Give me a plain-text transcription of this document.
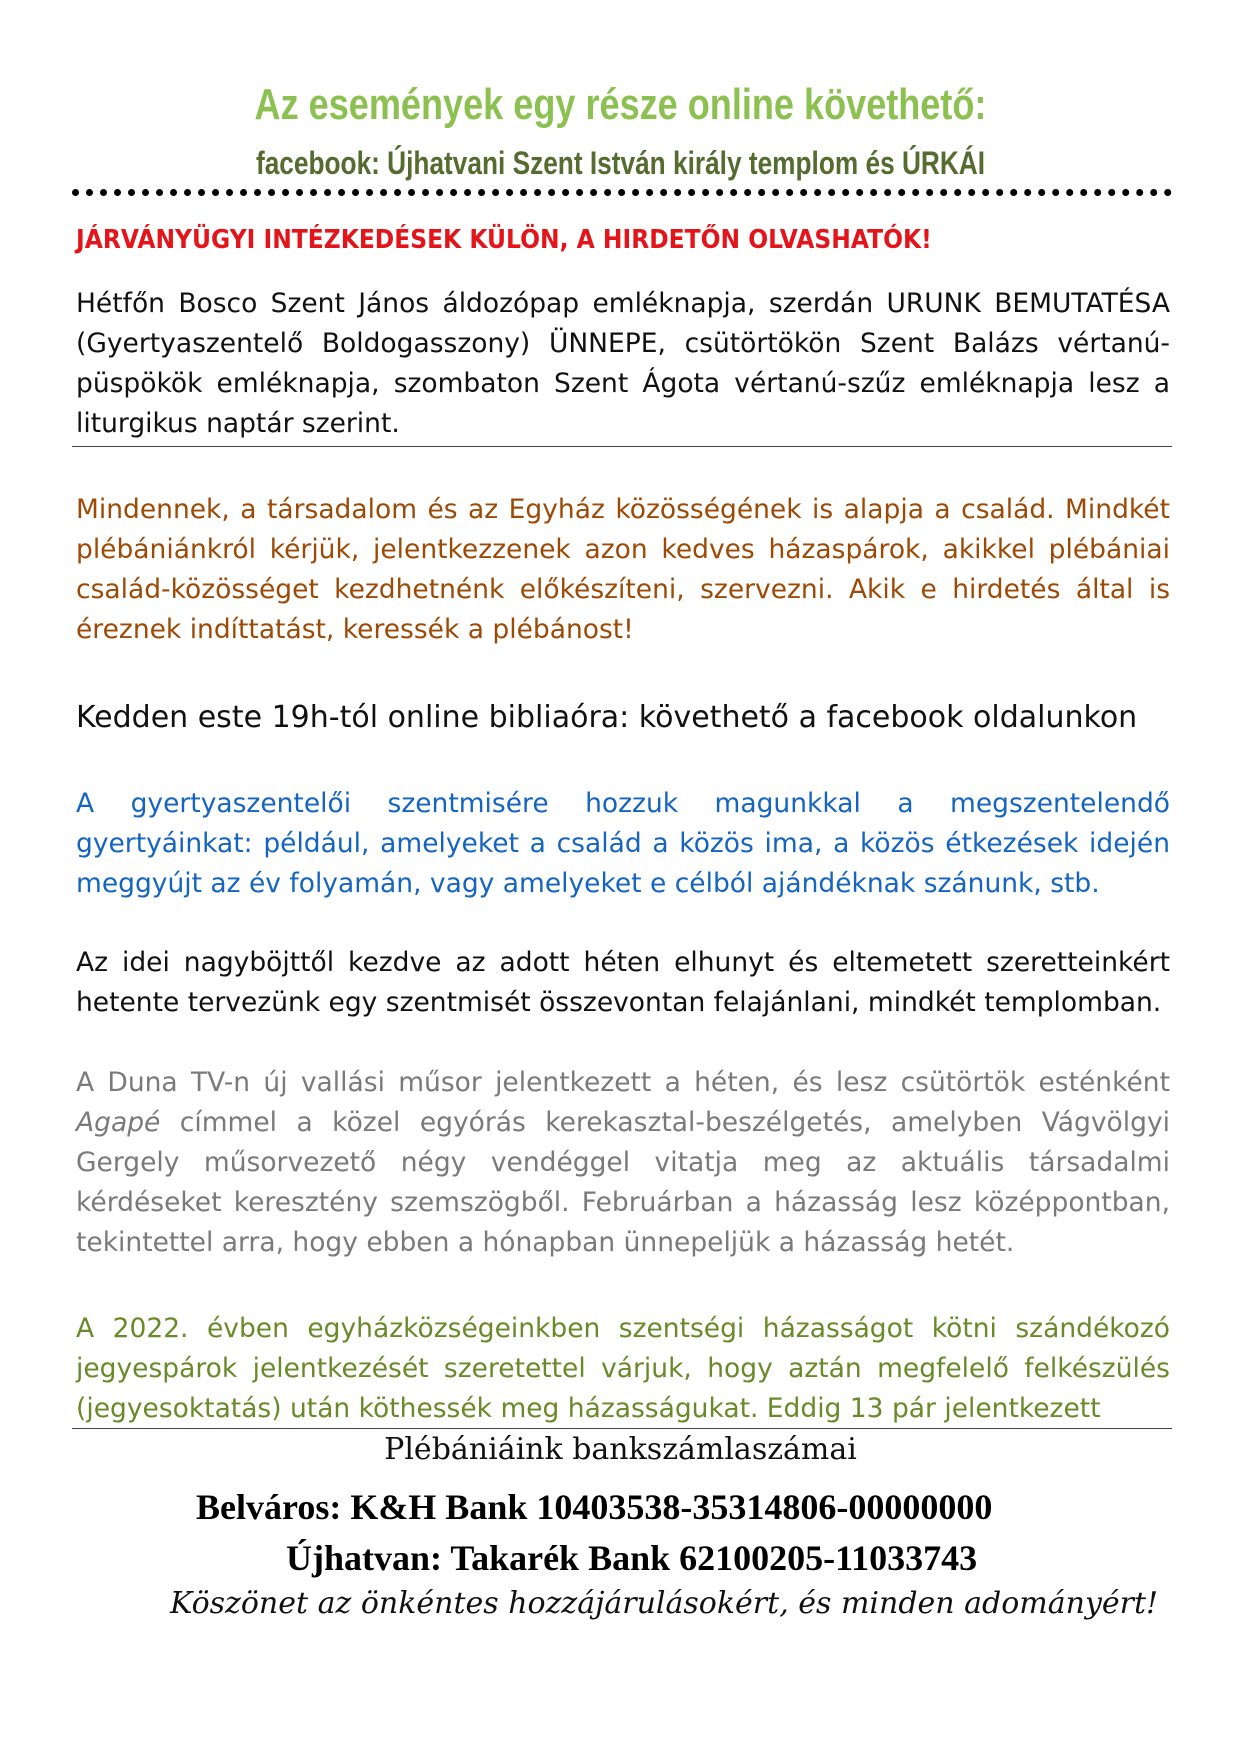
Az események egy része online követhető:
facebook: Újhatvani Szent István király templom és ÚRKÁI
JÁRVÁNYÜGYI INTÉZKEDÉSEK KÜLÖN, A HIRDETŐN OLVASHATÓK!
Hétfőn Bosco Szent János áldozópap emléknapja, szerdán URUNK BEMUTATÉSA (Gyertyaszentelő Boldogasszony) ÜNNEPE, csütörtökön Szent Balázs vértanú-püspökök emléknapja, szombaton Szent Ágota vértanú-szűz emléknapja lesz a liturgikus naptár szerint.
Mindennek, a társadalom és az Egyház közösségének is alapja a család. Mindkét plébániánkról kérjük, jelentkezzenek azon kedves házaspárok, akikkel plébániai család-közösséget kezdhetnénk előkészíteni, szervezni. Akik e hirdetés által is éreznek indíttatást, keressék a plébánost!
Kedden este 19h-tól online bibliaóra: követhető a facebook oldalunkon
A gyertyaszentelői szentmisére hozzuk magunkkal a megszentelendő gyertyáinkat: például, amelyeket a család a közös ima, a közös étkezések idején meggyújt az év folyamán, vagy amelyeket e célból ajándéknak szánunk, stb.
Az idei nagyböjttől kezdve az adott héten elhunyt és eltemetett szeretteinkért hetente tervezünk egy szentmisét összevontan felajánlani, mindkét templomban.
A Duna TV-n új vallási műsor jelentkezett a héten, és lesz csütörtök esténként Agapé címmel a közel egyórás kerekasztal-beszélgetés, amelyben Vágvölgyi Gergely műsorvezető négy vendéggel vitatja meg az aktuális társadalmi kérdéseket keresztény szemszögből. Februárban a házasság lesz középpontban, tekintettel arra, hogy ebben a hónapban ünnepeljük a házasság hetét.
A 2022. évben egyházközségeinkben szentségi házasságot kötni szándékozó jegyespárok jelentkezését szeretettel várjuk, hogy aztán megfelelő felkészülés (jegyesoktatás) után köthessék meg házasságukat. Eddig 13 pár jelentkezett
Plébániáink bankszámlaszámai
Belváros: K&H Bank 10403538-35314806-00000000
Újhatvan: Takarék Bank 62100205-11033743
Köszönet az önkéntes hozzájárulásokért, és minden adományért!
